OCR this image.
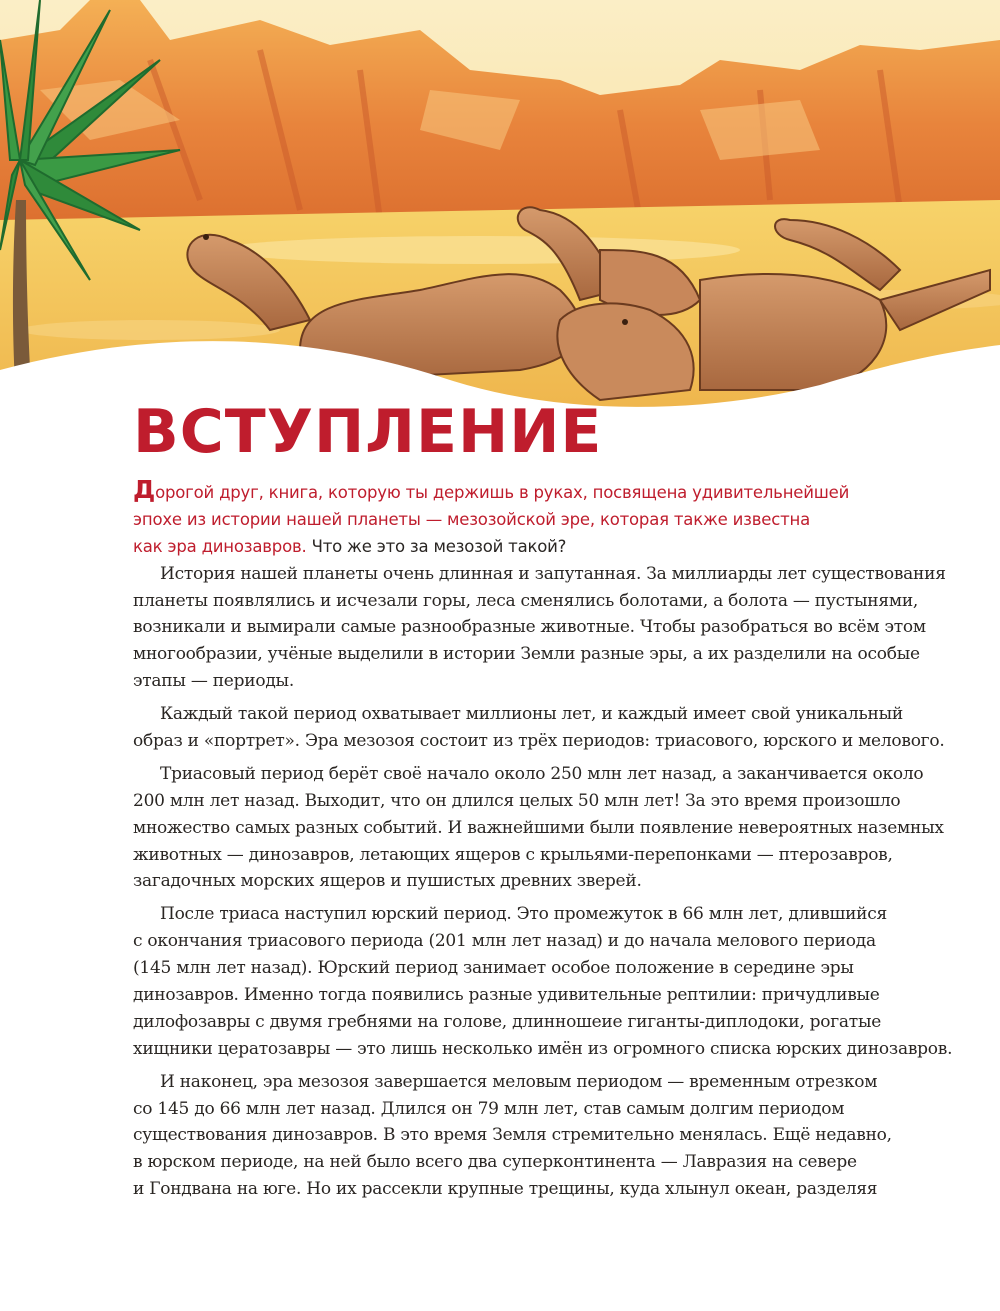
ВСТУПЛЕНИЕ
Дорогой друг, книга, которую ты держишь в руках, посвящена удивительнейшей
эпохе из истории нашей планеты — мезозойской эре, которая также известна
как эра динозавров. Что же это за мезозой такой?
История нашей планеты очень длинная и запутанная. За миллиарды лет существования
планеты появлялись и исчезали горы, леса сменялись болотами, а болота — пустынями,
возникали и вымирали самые разнообразные животные. Чтобы разобраться во всём этом
многообразии, учёные выделили в истории Земли разные эры, а их разделили на особые
этапы — периоды.
Каждый такой период охватывает миллионы лет, и каждый имеет свой уникальный
образ и «портрет». Эра мезозоя состоит из трёх периодов: триасового, юрского и мелового.
Триасовый период берёт своё начало около 250 млн лет назад, а заканчивается около
200 млн лет назад. Выходит, что он длился целых 50 млн лет! За это время произошло
множество самых разных событий. И важнейшими были появление невероятных наземных
животных — динозавров, летающих ящеров с крыльями-перепонками — птерозавров,
загадочных морских ящеров и пушистых древних зверей.
После триаса наступил юрский период. Это промежуток в 66 млн лет, длившийся
с окончания триасового периода (201 млн лет назад) и до начала мелового периода
(145 млн лет назад). Юрский период занимает особое положение в середине эры
динозавров. Именно тогда появились разные удивительные рептилии: причудливые
дилофозавры с двумя гребнями на голове, длинношеие гиганты-диплодоки, рогатые
хищники цератозавры — это лишь несколько имён из огромного списка юрских динозавров.
И наконец, эра мезозоя завершается меловым периодом — временным отрезком
со 145 до 66 млн лет назад. Длился он 79 млн лет, став самым долгим периодом
существования динозавров. В это время Земля стремительно менялась. Ещё недавно,
в юрском периоде, на ней было всего два суперконтинента — Лавразия на севере
и Гондвана на юге. Но их рассекли крупные трещины, куда хлынул океан, разделяя
